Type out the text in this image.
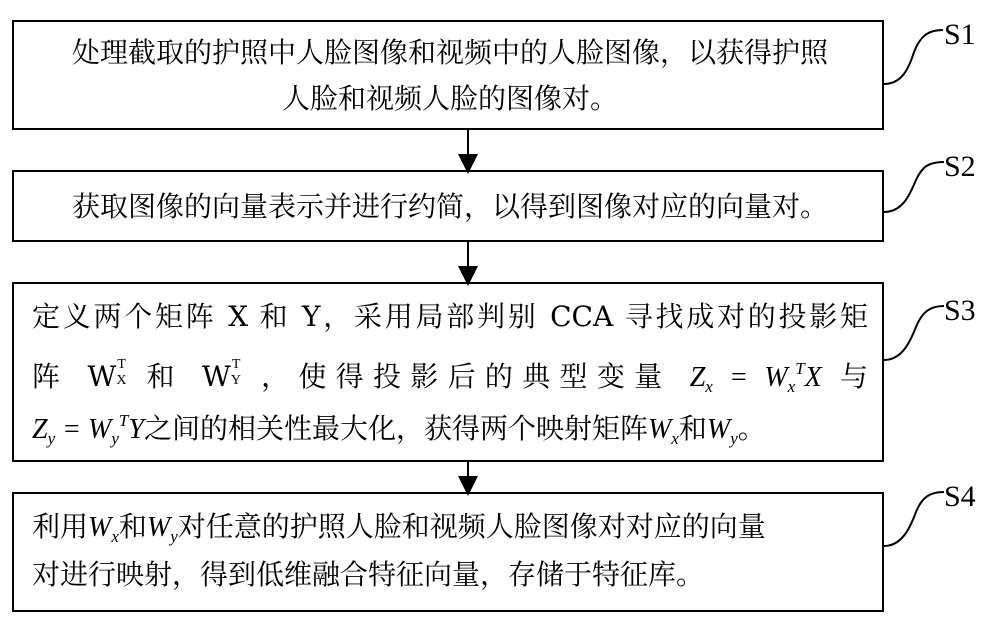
处理截取的护照中人脸图像和视频中的人脸图像，以获得护照
人脸和视频人脸的图像对。
获取图像的向量表示并进行约简，以得到图像对应的向量对。
定义两个矩阵 X 和 Y，采用局部判别 CCA 寻找成对的投影矩
阵 W T
X 和 W T
Y ，使得投影后的典型变量 $Z_x = W_x^TX$ 与
$Z_y = W_y^TY$之间的相关性最大化，获得两个映射矩阵$W_x$和$W_y$。
利用$W_x$和$W_y$对任意的护照人脸和视频人脸图像对对应的向量
对进行映射，得到低维融合特征向量，存储于特征库。
S1
S2
S3
S4
